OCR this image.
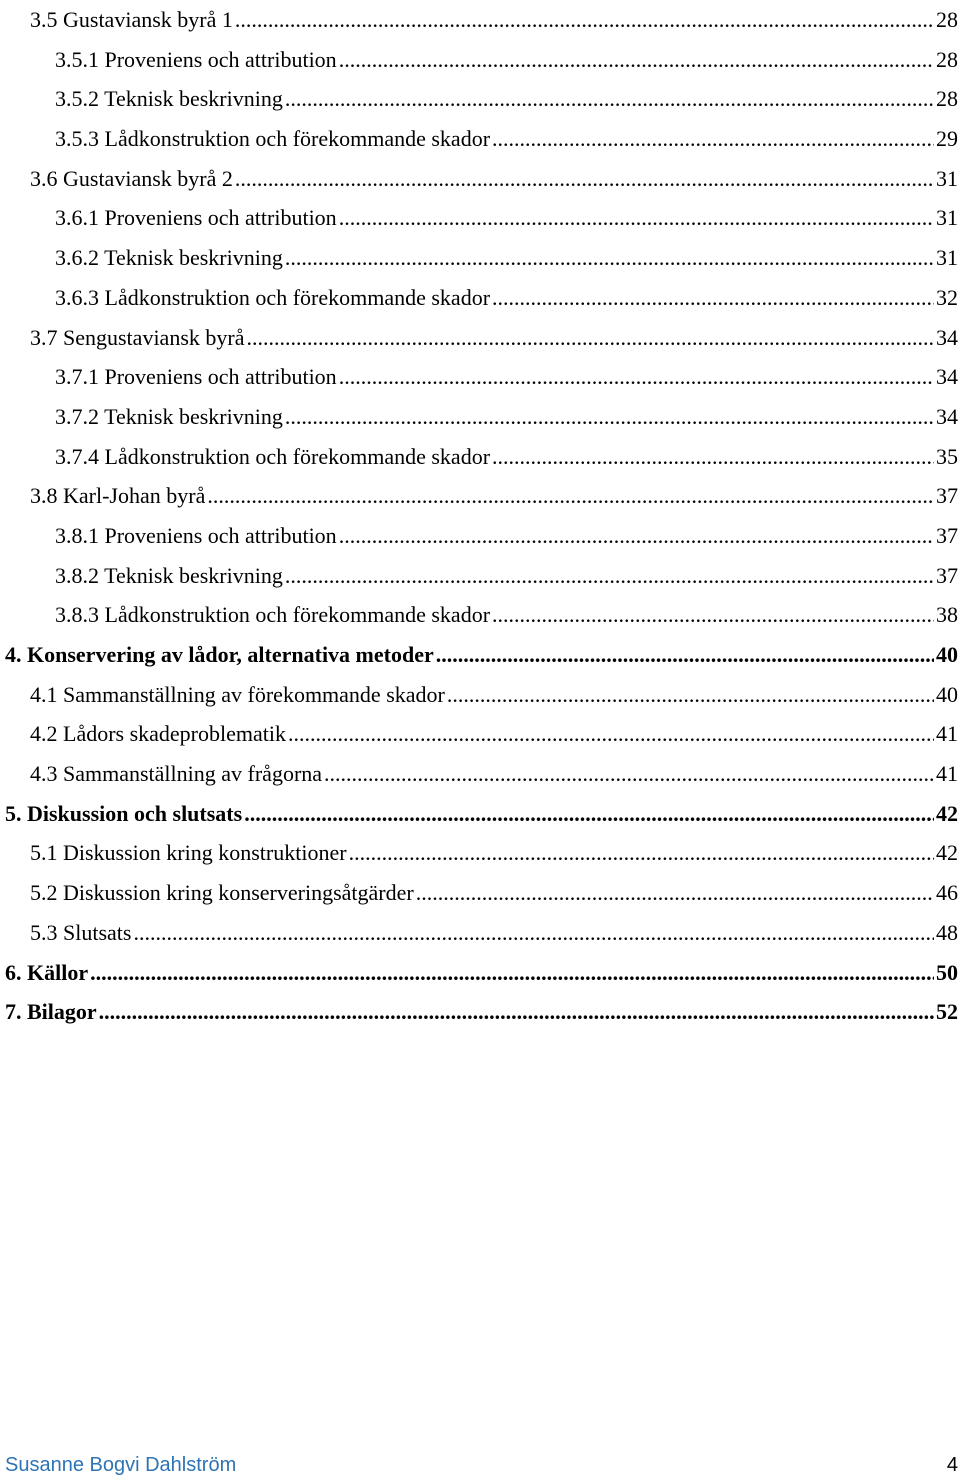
3.5 Gustaviansk byrå 1 .....	28
3.5.1 Proveniens och attribution .....	28
3.5.2 Teknisk beskrivning .....	28
3.5.3 Lådkonstruktion och förekommande skador .....	29
3.6 Gustaviansk byrå 2 .....	31
3.6.1 Proveniens och attribution .....	31
3.6.2 Teknisk beskrivning .....	31
3.6.3 Lådkonstruktion och förekommande skador .....	32
3.7 Sengustaviansk byrå .....	34
3.7.1 Proveniens och attribution .....	34
3.7.2 Teknisk beskrivning .....	34
3.7.4 Lådkonstruktion och förekommande skador .....	35
3.8 Karl-Johan byrå .....	37
3.8.1 Proveniens och attribution .....	37
3.8.2 Teknisk beskrivning .....	37
3.8.3 Lådkonstruktion och förekommande skador .....	38
4. Konservering av lådor, alternativa metoder .....	40
4.1 Sammanställning av förekommande skador .....	40
4.2 Lådors skadeproblematik .....	41
4.3 Sammanställning av frågorna .....	41
5. Diskussion och slutsats .....	42
5.1 Diskussion kring konstruktioner .....	42
5.2 Diskussion kring konserveringsåtgärder .....	46
5.3 Slutsats .....	48
6. Källor .....	50
7. Bilagor .....	52
Susanne Bogvi Dahlström	4
